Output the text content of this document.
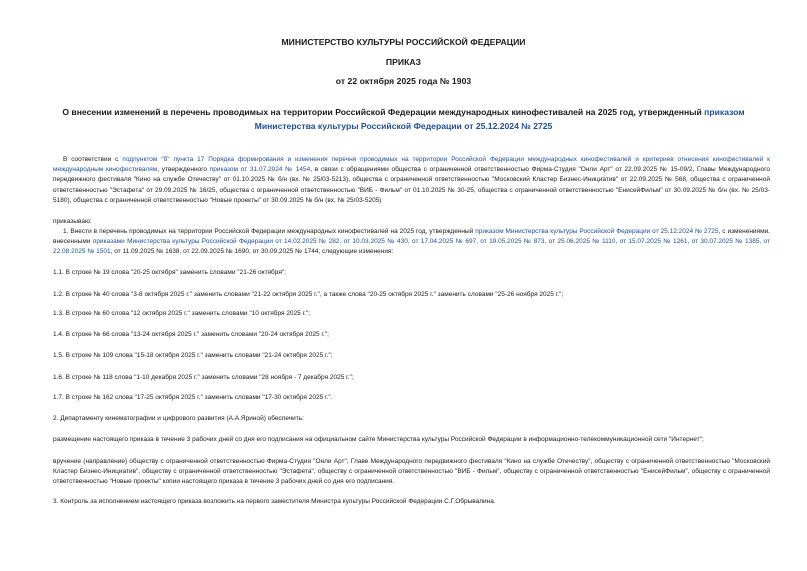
МИНИСТЕРСТВО КУЛЬТУРЫ РОССИЙСКОЙ ФЕДЕРАЦИИ
ПРИКАЗ
от 22 октября 2025 года № 1903
О внесении изменений в перечень проводимых на территории Российской Федерации международных кинофестивалей на 2025 год, утвержденный приказом Министерства культуры Российской Федерации от 25.12.2024 № 2725
В соответствии с подпунктом "б" пункта 17 Порядка формирования и изменения перечня проводимых на территории Российской Федерации международных кинофестивалей и критериев отнесения кинофестивалей к международным кинофестивалям, утвержденного приказом от 31.07.2024 № 1454, в связи с обращениями общества с ограниченной ответственностью Фирма-Студия "Онли Арт" от 22.09.2025 № 15-09/2, Главы Международного передвижного фестиваля "Кино на службе Отечеству" от 01.10.2025 № б/н (вх. № 25/03-5213), общества с ограниченной ответственностью "Московский Кластер Бизнес-Инициатив" от 22.09.2025 № 568, общества с ограниченной ответственностью "Эстафета" от 29.09.2025 № 16/25, общества с ограниченной ответственностью "ВИБ - Фильм" от 01.10.2025 № 30-25, общества с ограниченной ответственностью "ЕнисейФильм" от 30.09.2025 № б/н (вх. № 25/03-5180), общества с ограниченной ответственностью "Новые проекты" от 30.09.2025 № б/н (вх. № 25/03-5205)
приказываю:
1. Внести в перечень проводимых на территории Российской Федерации международных кинофестивалей на 2025 год, утвержденный приказом Министерства культуры Российской Федерации от 25.12.2024 № 2725, с изменениями, внесенными приказами Министерства культуры Российской Федерации от 14.02.2025 № 282, от 10.03.2025 № 430, от 17.04.2025 № 697, от 19.05.2025 № 873, от 25.06.2025 № 1110, от 15.07.2025 № 1261, от 30.07.2025 № 1385, от 22.08.2025 № 1501, от 11.09.2025 № 1638, от 22.09.2025 № 1690, от 30.09.2025 № 1744, следующие изменения:
1.1. В строке № 19 слова "20-25 октября" заменить словами "21-26 октября";
1.2. В строке № 40 слова "3-8 октября 2025 г." заменить словами "21-22 октября 2025 г.", а также слова "20-25 октября 2025 г." заменить словами "25-26 ноября 2025 г.";
1.3. В строке № 60 слова "12 октября 2025 г." заменить словами "10 октября 2025 г.";
1.4. В строке № 66 слова "13-24 октября 2025 г." заменить словами "20-24 октября 2025 г.";
1.5. В строке № 109 слова "15-18 октября 2025 г." заменить словами "21-24 октября 2025 г.";
1.6. В строке № 118 слова "1-10 декабря 2025 г." заменить словами "28 ноября - 7 декабря 2025 г.";
1.7. В строке № 162 слова "17-25 октября 2025 г." заменить словами "17-30 октября 2025 г.".
2. Департаменту кинематографии и цифрового развития (А.А.Яриной) обеспечить:
размещение настоящего приказа в течение 3 рабочих дней со дня его подписания на официальном сайте Министерства культуры Российской Федерации в информационно-телекоммуникационной сети "Интернет";
вручение (направление) обществу с ограниченной ответственностью Фирма-Студия "Онли Арт", Главе Международного передвижного фестиваля "Кино на службе Отечеству", обществу с ограниченной ответственностью "Московский Кластер Бизнес-Инициатив", обществу с ограниченной ответственностью "Эстафета", обществу с ограниченной ответственностью "ВИБ - Фильм", обществу с ограниченной ответственностью "ЕнисейФильм", обществу с ограниченной ответственностью "Новые проекты" копии настоящего приказа в течение 3 рабочих дней со дня его подписания.
3. Контроль за исполнением настоящего приказа возложить на первого заместителя Министра культуры Российской Федерации С.Г.Обрывалина.
